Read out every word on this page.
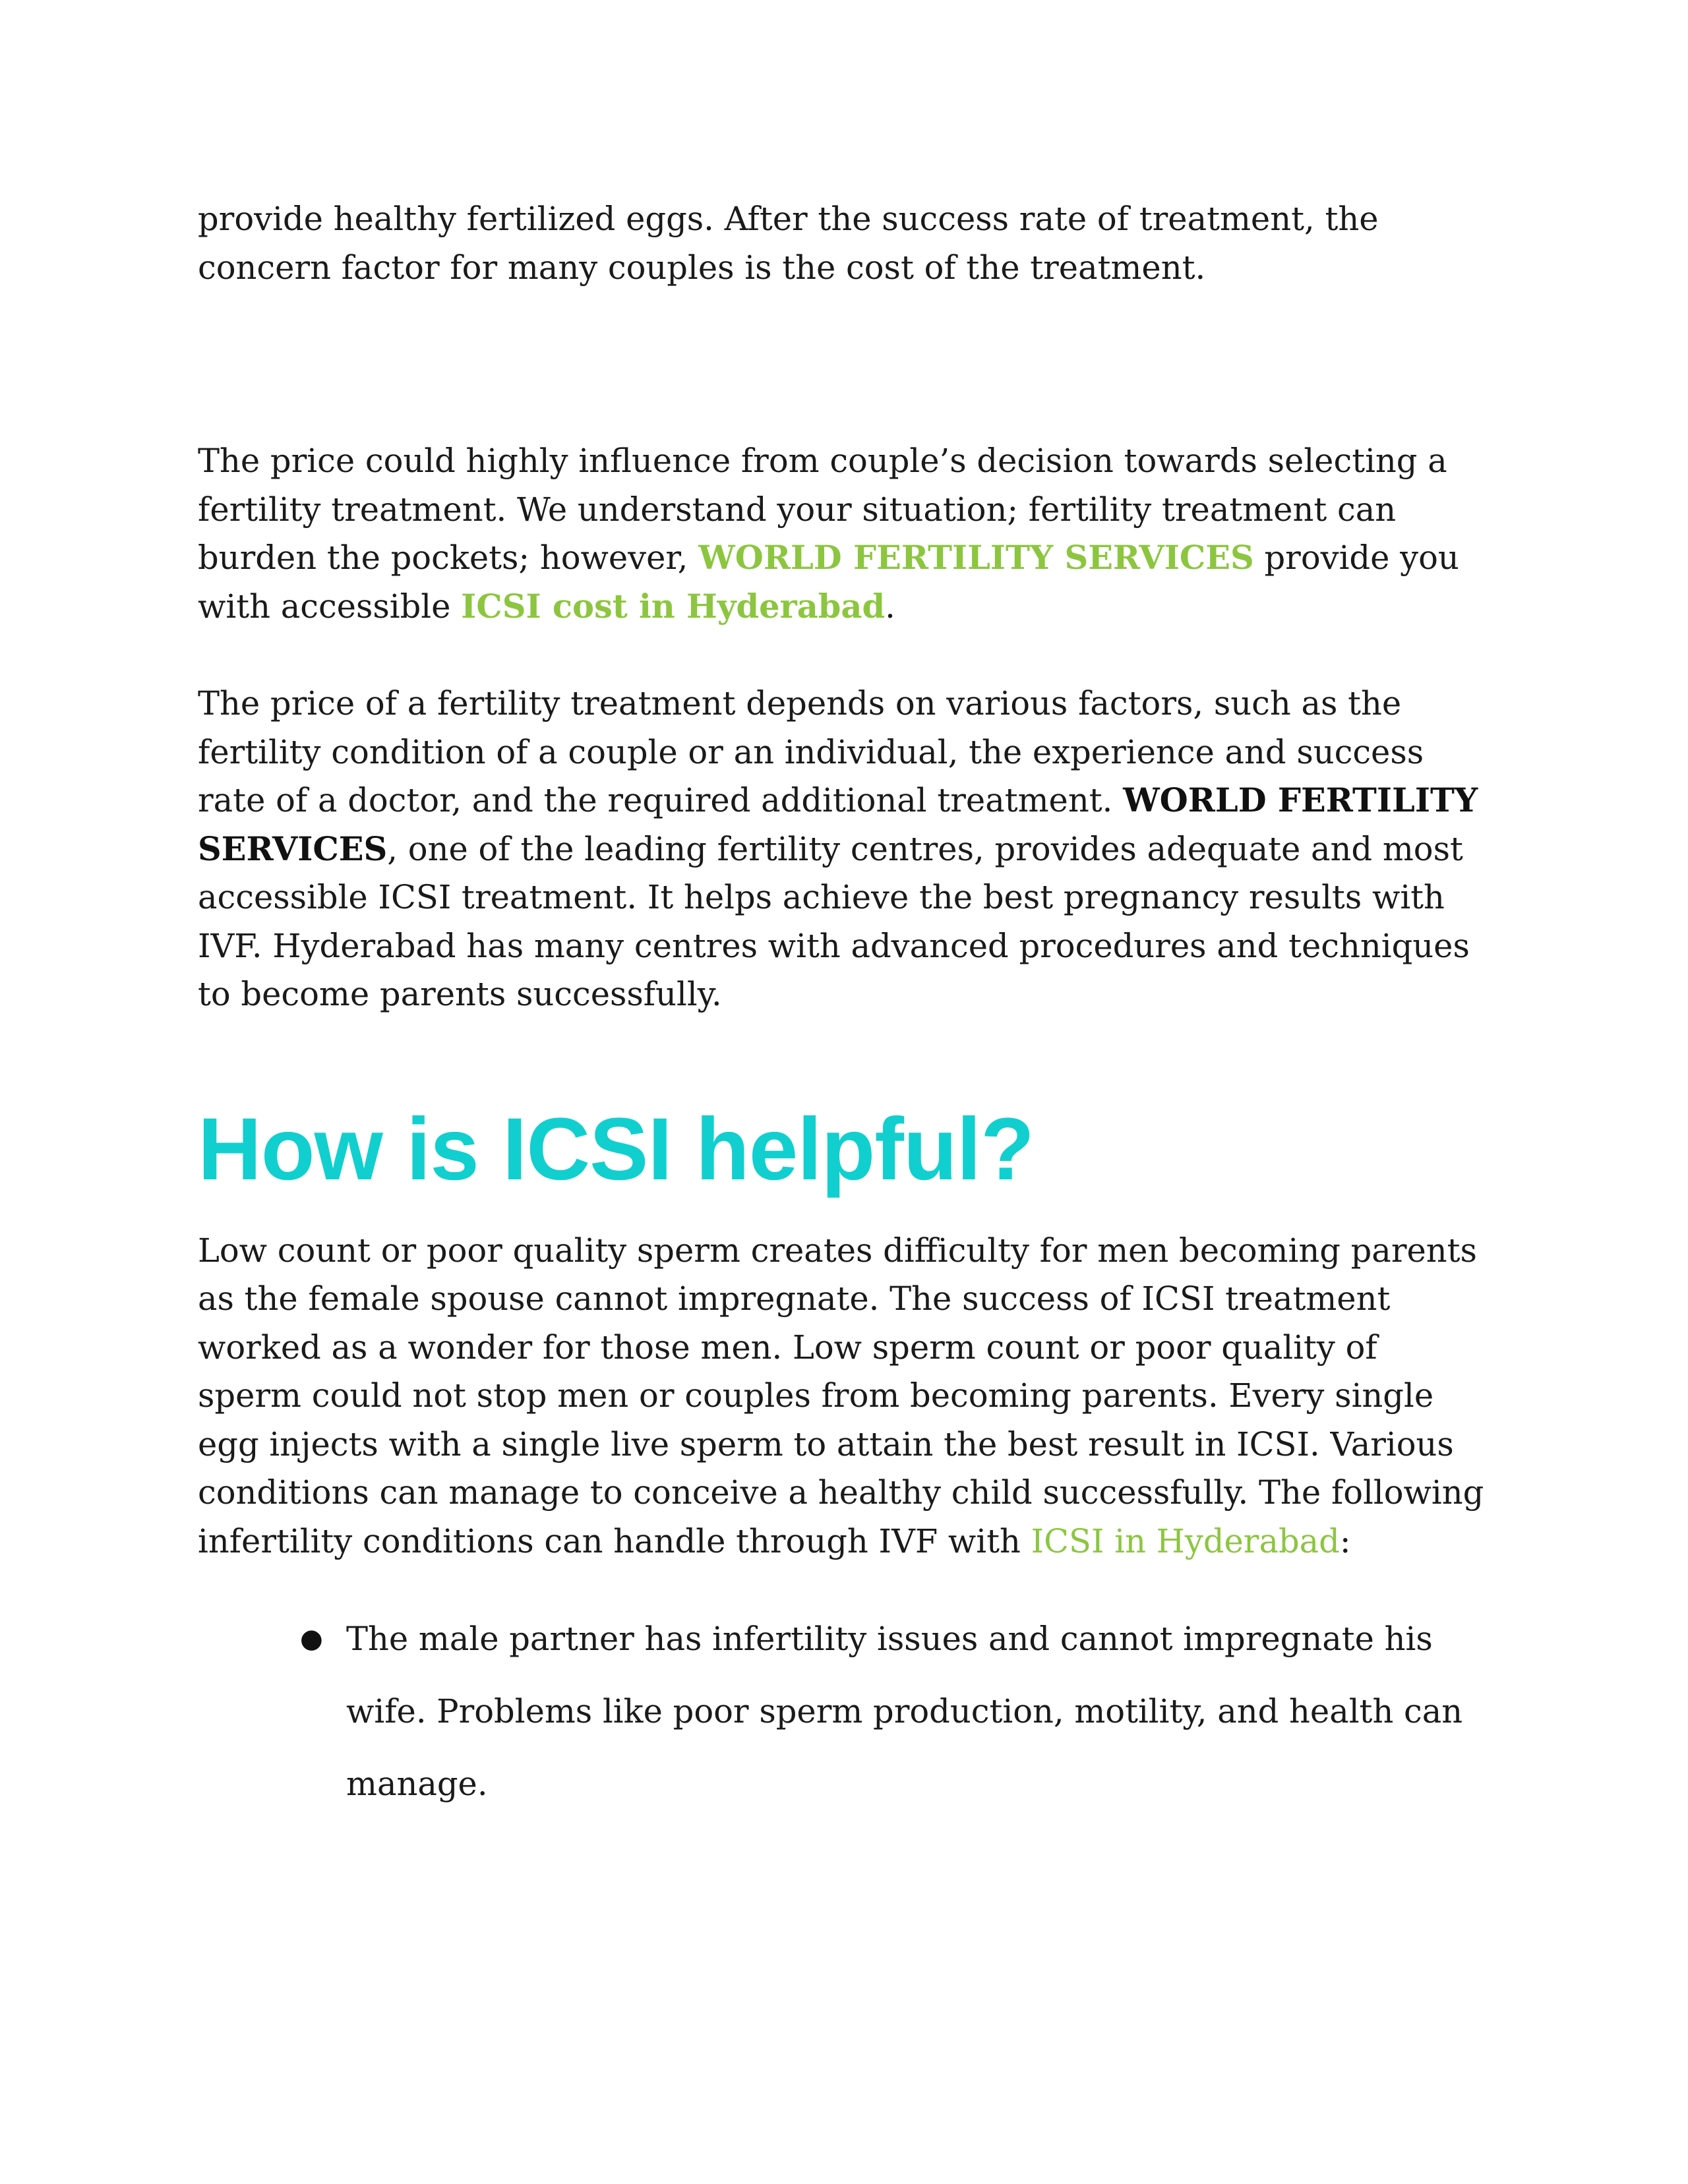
provide healthy fertilized eggs. After the success rate of treatment, the concern factor for many couples is the cost of the treatment.

The price could highly influence from couple’s decision towards selecting a fertility treatment. We understand your situation; fertility treatment can burden the pockets; however, WORLD FERTILITY SERVICES provide you with accessible ICSI cost in Hyderabad.

The price of a fertility treatment depends on various factors, such as the fertility condition of a couple or an individual, the experience and success rate of a doctor, and the required additional treatment. WORLD FERTILITY SERVICES, one of the leading fertility centres, provides adequate and most accessible ICSI treatment. It helps achieve the best pregnancy results with IVF. Hyderabad has many centres with advanced procedures and techniques to become parents successfully.

How is ICSI helpful?

Low count or poor quality sperm creates difficulty for men becoming parents as the female spouse cannot impregnate. The success of ICSI treatment worked as a wonder for those men. Low sperm count or poor quality of sperm could not stop men or couples from becoming parents. Every single egg injects with a single live sperm to attain the best result in ICSI. Various conditions can manage to conceive a healthy child successfully. The following infertility conditions can handle through IVF with ICSI in Hyderabad:

● The male partner has infertility issues and cannot impregnate his wife. Problems like poor sperm production, motility, and health can manage.
